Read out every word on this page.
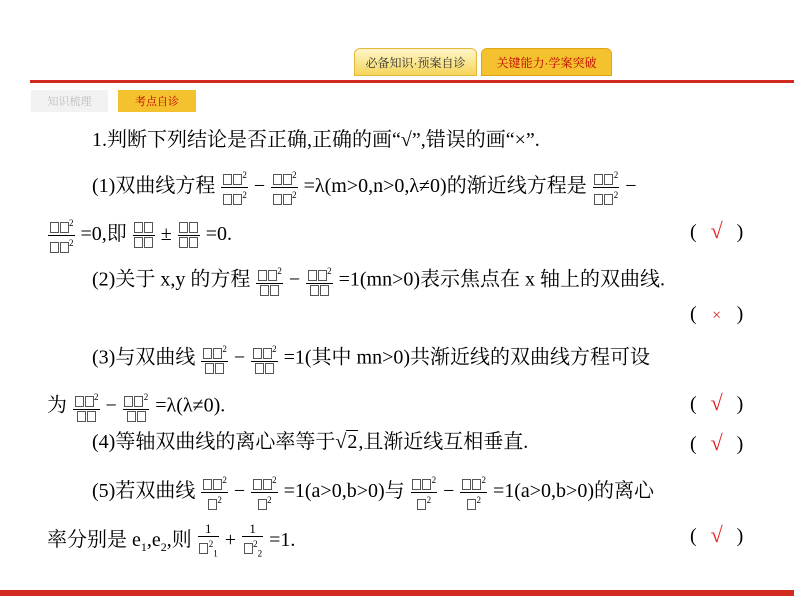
必备知识·预案自诊	关键能力·学案突破
知识梳理	考点自诊
1.判断下列结论是否正确,正确的画“√”,错误的画“×”.
(1)双曲线方程 $\frac{^2}{^2} - \frac{^2}{^2} =\lambda(m>0,n>0,\lambda\ne 0)$的渐近线方程是 $\frac{^2}{^2}$ −
$\frac{^2}{^2} =0$,即 ± =0.	( √ )
(2)关于 x,y 的方程	$^2$ −	$^2$ =1(mn>0)表示焦点在 x 轴上的双曲线.
( × )
(3)与双曲线	$^2$ −	$^2$ =1(其中 mn>0)共渐近线的双曲线方程可设
为	$^2$ −	$^2$ =λ(λ≠0).	( √ )
(4)等轴双曲线的离心率等于√2,且渐近线互相垂直.	( √ )
(5)若双曲线 $\frac{^2}{^2} - \frac{^2}{^2} =1(a>0,b>0)$与 $\frac{^2}{^2} - \frac{^2}{^2} =1(a>0,b>0)$的离心
率分别是 $e_1,e_2$,则 $\frac{1}{^2_1} + \frac{1}{^2_2} =1$.	( √ )
